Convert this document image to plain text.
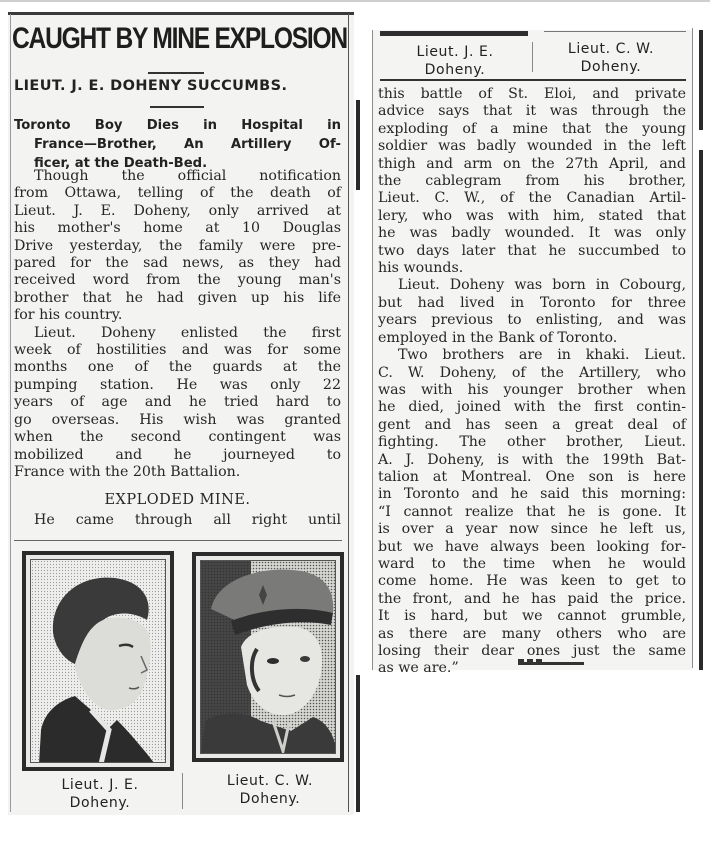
CAUGHT BY MINE EXPLOSION
LIEUT. J. E. DOHENY SUCCUMBS.
Toronto Boy Dies in Hospital in
France—Brother, An Artillery Of-
ficer, at the Death-Bed.

Though the official notification
from Ottawa, telling of the death of
Lieut. J. E. Doheny, only arrived at
his mother's home at 10 Douglas
Drive yesterday, the family were pre-
pared for the sad news, as they had
received word from the young man's
brother that he had given up his life
for his country.

Lieut. Doheny enlisted the first
week of hostilities and was for some
months one of the guards at the
pumping station. He was only 22
years of age and he tried hard to
go overseas. His wish was granted
when the second contingent was
mobilized and he journeyed to
France with the 20th Battalion.

EXPLODED MINE.

He came through all right until

Lieut. J. E.
Doheny.
Lieut. C. W.
Doheny.
Lieut. J. E.
Doheny.
Lieut. C. W.
Doheny.

this battle of St. Eloi, and private
advice says that it was through the
exploding of a mine that the young
soldier was badly wounded in the left
thigh and arm on the 27th April, and
the cablegram from his brother,
Lieut. C. W., of the Canadian Artil-
lery, who was with him, stated that
he was badly wounded. It was only
two days later that he succumbed to
his wounds.

Lieut. Doheny was born in Cobourg,
but had lived in Toronto for three
years previous to enlisting, and was
employed in the Bank of Toronto.

Two brothers are in khaki. Lieut.
C. W. Doheny, of the Artillery, who
was with his younger brother when
he died, joined with the first contin-
gent and has seen a great deal of
fighting. The other brother, Lieut.
A. J. Doheny, is with the 199th Bat-
talion at Montreal. One son is here
in Toronto and he said this morning:
“I cannot realize that he is gone. It
is over a year now since he left us,
but we have always been looking for-
ward to the time when he would
come home. He was keen to get to
the front, and he has paid the price.
It is hard, but we cannot grumble,
as there are many others who are
losing their dear ones just the same
as we are.”
